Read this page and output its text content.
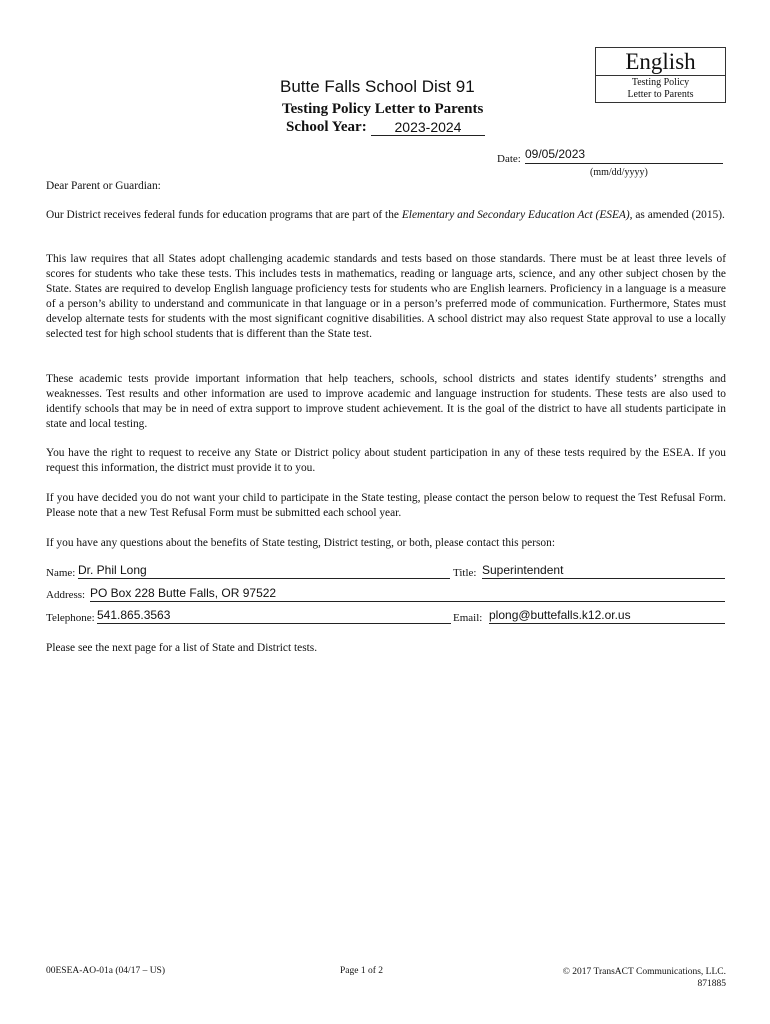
English
Testing Policy
Letter to Parents
Butte Falls School Dist 91
Testing Policy Letter to Parents
School Year:	2023-2024
Date: 09/05/2023
(mm/dd/yyyy)
Dear Parent or Guardian:
Our District receives federal funds for education programs that are part of the Elementary and Secondary Education Act (ESEA), as amended (2015).
This law requires that all States adopt challenging academic standards and tests based on those standards. There must be at least three levels of scores for students who take these tests. This includes tests in mathematics, reading or language arts, science, and any other subject chosen by the State. States are required to develop English language proficiency tests for students who are English learners. Proficiency in a language is a measure of a person’s ability to understand and communicate in that language or in a person’s preferred mode of communication. Furthermore, States must develop alternate tests for students with the most significant cognitive disabilities. A school district may also request State approval to use a locally selected test for high school students that is different than the State test.
These academic tests provide important information that help teachers, schools, school districts and states identify students’ strengths and weaknesses. Test results and other information are used to improve academic and language instruction for students. These tests are also used to identify schools that may be in need of extra support to improve student achievement. It is the goal of the district to have all students participate in state and local testing.
You have the right to request to receive any State or District policy about student participation in any of these tests required by the ESEA. If you request this information, the district must provide it to you.
If you have decided you do not want your child to participate in the State testing, please contact the person below to request the Test Refusal Form. Please note that a new Test Refusal Form must be submitted each school year.
If you have any questions about the benefits of State testing, District testing, or both, please contact this person:
Name: Dr. Phil Long	Title: Superintendent
Address: PO Box 228 Butte Falls, OR 97522
Telephone: 541.865.3563	Email: plong@buttefalls.k12.or.us
Please see the next page for a list of State and District tests.
00ESEA-AO-01a (04/17 – US)	Page 1 of 2	© 2017 TransACT Communications, LLC.
871885
